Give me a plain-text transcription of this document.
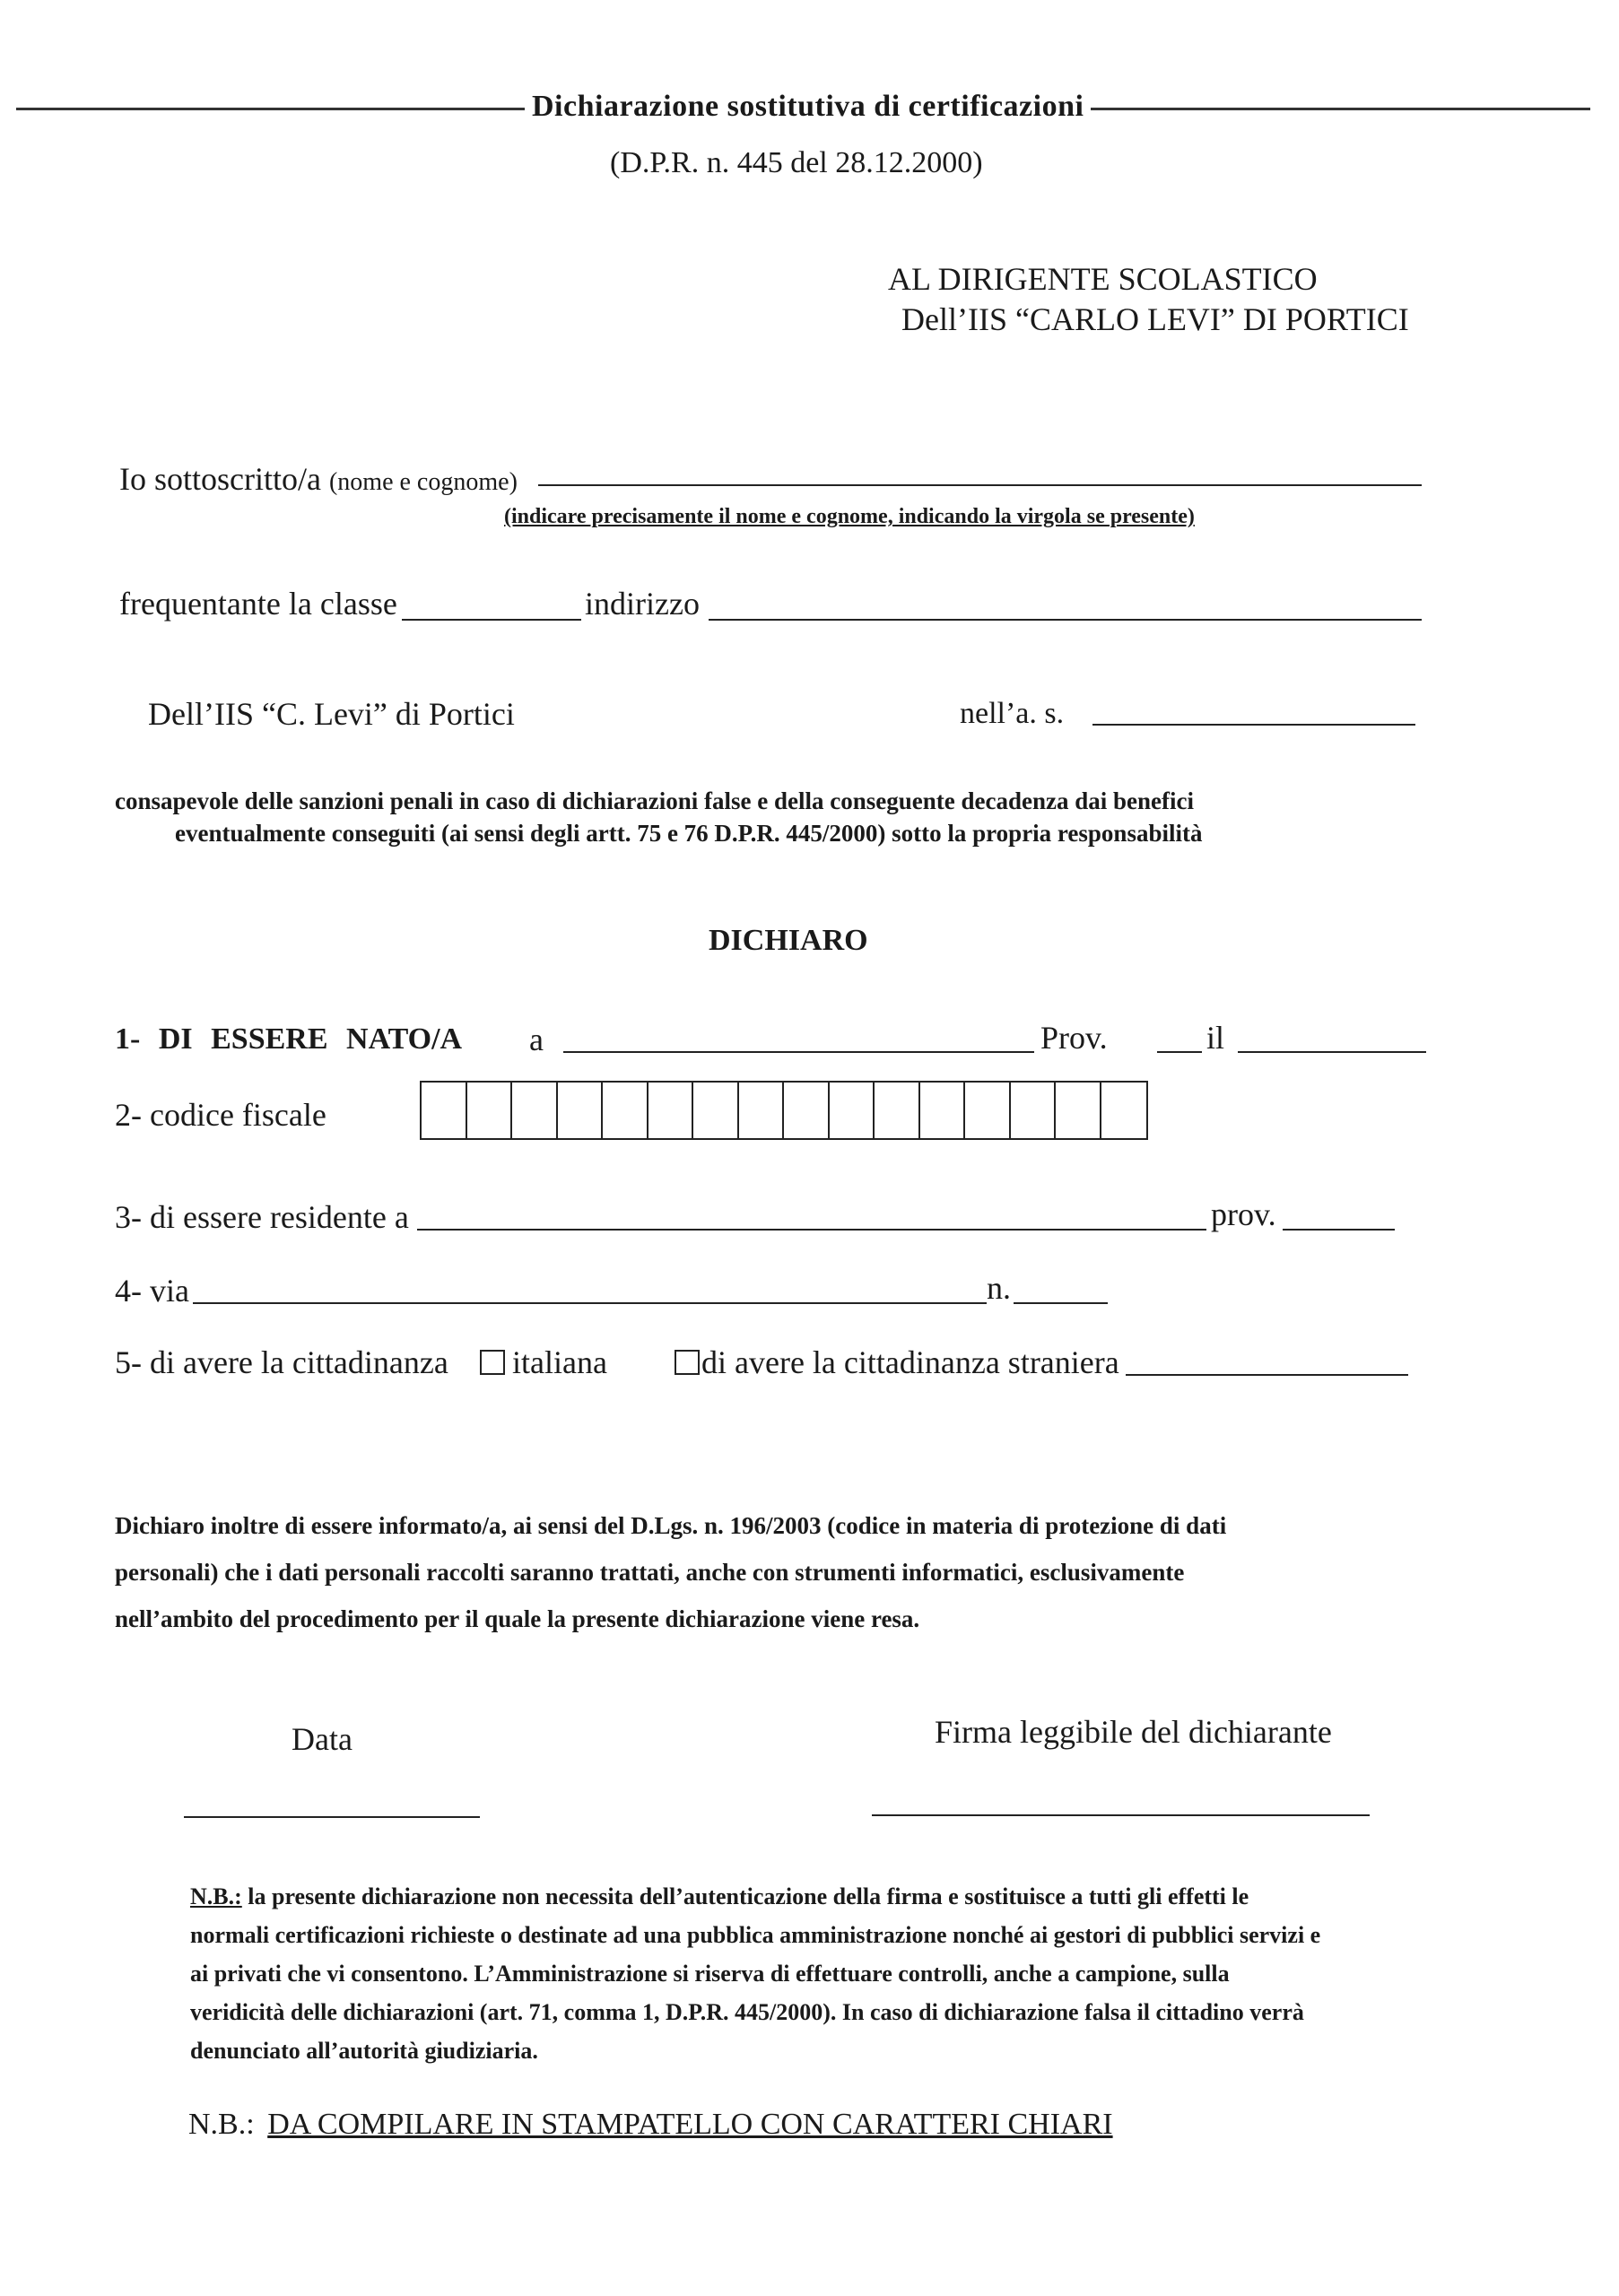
Dichiarazione sostitutiva di certificazioni
(D.P.R. n. 445 del 28.12.2000)
AL DIRIGENTE SCOLASTICO
Dell’IIS “CARLO LEVI” DI PORTICI
Io sottoscritto/a (nome e cognome)
(indicare precisamente il nome e cognome, indicando la virgola se presente)
frequentante la classe	indirizzo
Dell’IIS “C. Levi” di Portici	nell’a. s.
consapevole delle sanzioni penali in caso di dichiarazioni false e della conseguente decadenza dai benefici
eventualmente conseguiti (ai sensi degli artt. 75 e 76 D.P.R. 445/2000) sotto la propria responsabilità
DICHIARO
1- DI ESSERE NATO/A a	Prov.	il
2- codice fiscale
3- di essere residente a	prov.
4- via	n.
5- di avere la cittadinanza	italiana	di avere la cittadinanza straniera
Dichiaro inoltre di essere informato/a, ai sensi del D.Lgs. n. 196/2003 (codice in materia di protezione di dati
personali) che i dati personali raccolti saranno trattati, anche con strumenti informatici, esclusivamente
nell’ambito del procedimento per il quale la presente dichiarazione viene resa.
Data	Firma leggibile del dichiarante
N.B.: la presente dichiarazione non necessita dell’autenticazione della firma e sostituisce a tutti gli effetti le
normali certificazioni richieste o destinate ad una pubblica amministrazione nonché ai gestori di pubblici servizi e
ai privati che vi consentono. L’Amministrazione si riserva di effettuare controlli, anche a campione, sulla
veridicità delle dichiarazioni (art. 71, comma 1, D.P.R. 445/2000). In caso di dichiarazione falsa il cittadino verrà
denunciato all’autorità giudiziaria.
N.B.: DA COMPILARE IN STAMPATELLO CON CARATTERI CHIARI
